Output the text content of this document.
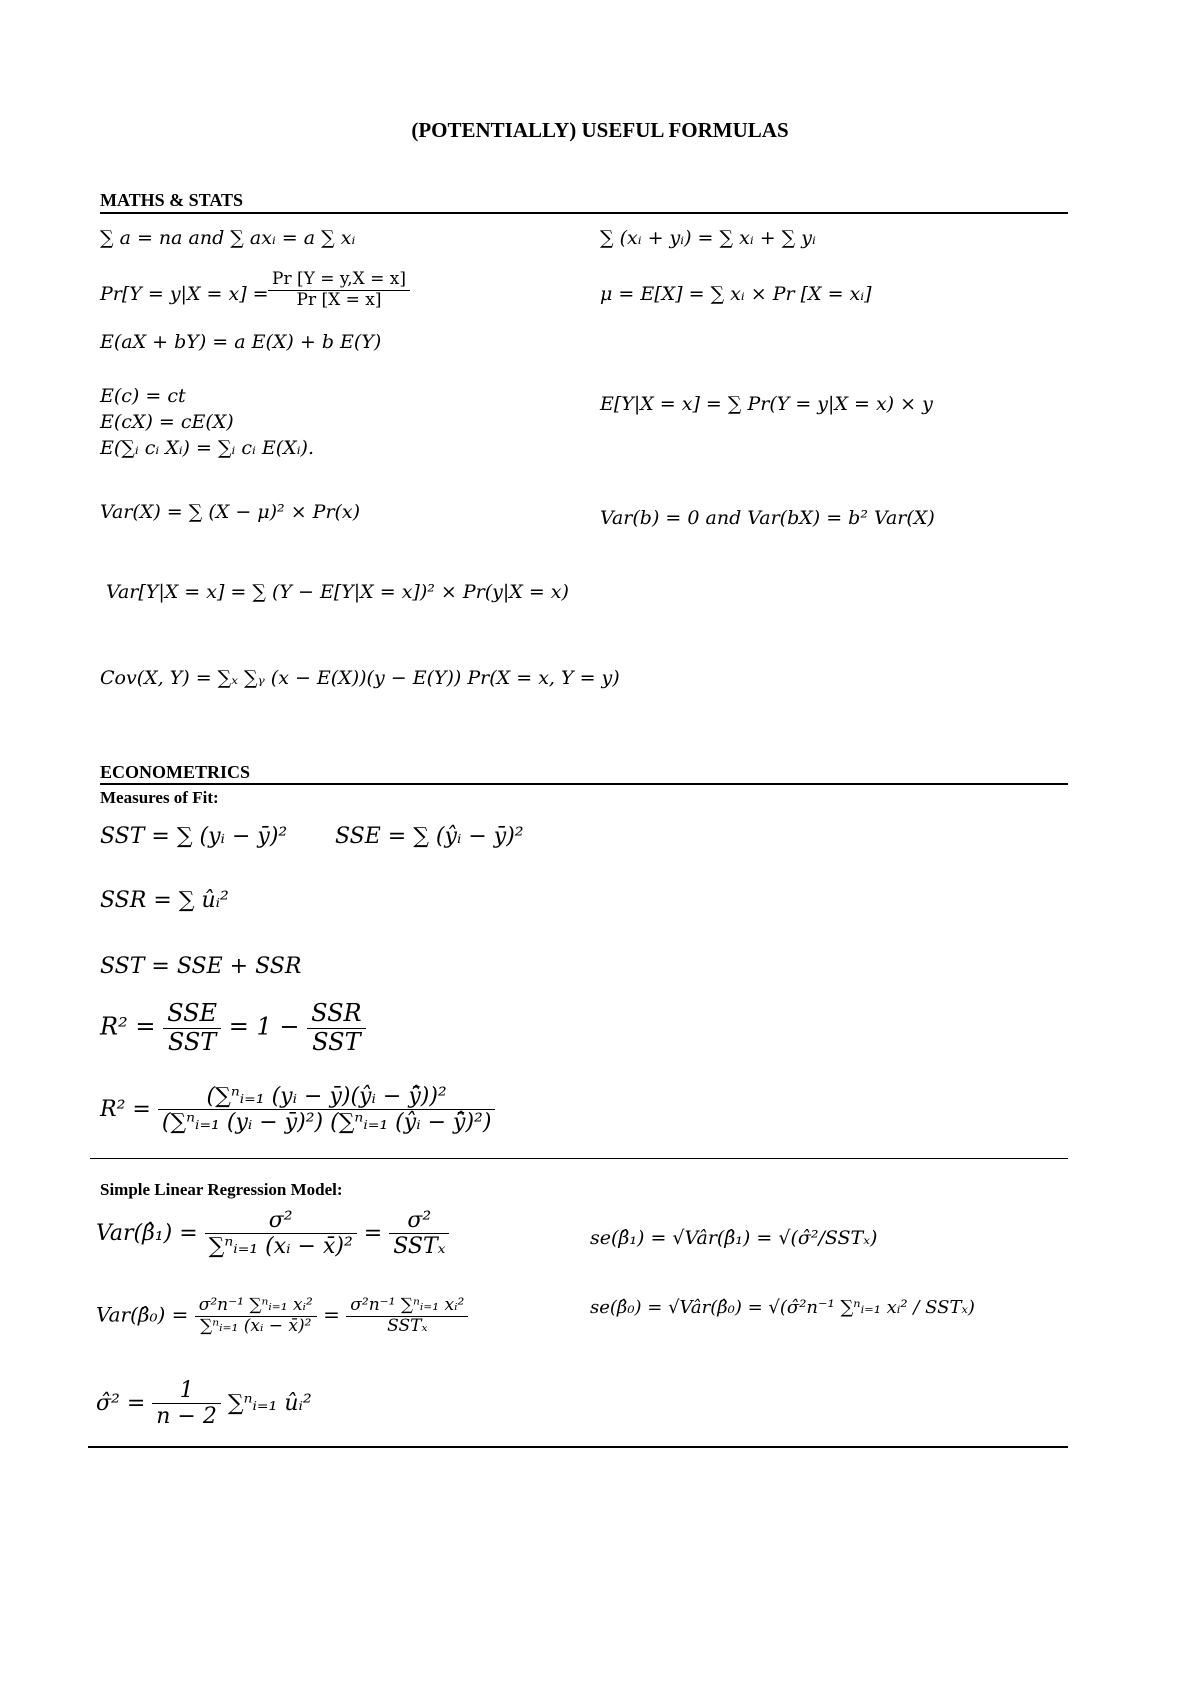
(POTENTIALLY) USEFUL FORMULAS
MATHS & STATS
∑ a = na and ∑ axᵢ = a ∑ xᵢ	∑ (xᵢ + yᵢ) = ∑ xᵢ + ∑ yᵢ
$Pr[Y = y|X = x] = \frac{Pr [Y = y,X = x]}{Pr [X = x]}$	μ = E[X] = ∑ xᵢ × Pr [X = xᵢ]
E(aX + bY) = a E(X) + b E(Y)
E(c) = ct
E(cX) = cE(X)
E(∑ᵢ cᵢ Xᵢ) = ∑ᵢ cᵢ E(Xᵢ).
E[Y|X = x] = ∑ Pr(Y = y|X = x) × y
Var(X) = ∑ (X − μ)² × Pr(x)	Var(b) = 0 and Var(bX) = b² Var(X)
Var[Y|X = x] = ∑ (Y − E[Y|X = x])² × Pr(y|X = x)
Cov(X, Y) = ∑ₓ ∑ᵧ (x − E(X))(y − E(Y)) Pr(X = x, Y = y)
ECONOMETRICS
Measures of Fit:
SST = ∑ (yᵢ − ȳ)² SSE = ∑ (ŷᵢ − ȳ)²
SSR = ∑ ûᵢ²
SST = SSE + SSR
$R^2 = \frac{\text{SSE}}{\text{SST}} = 1 - \frac{\text{SSR}}{\text{SST}}$
$R^2 = \frac{\text{(∑ⁿᵢ₌₁ (yᵢ − ȳ)(ŷᵢ − ȳ̂))²}}{\text{(∑ⁿᵢ₌₁ (yᵢ − ȳ)²) (∑ⁿᵢ₌₁ (ŷᵢ − ȳ̂)²)}}$
Simple Linear Regression Model:
Var(β̂₁) = $\frac{\text{σ²}}{\text{∑ⁿᵢ₌₁ (xᵢ − x̄)²}} = \frac{\text{σ²}}{\text{SSTₓ}}$	se(β̂₁) = √Vâr(β̂₁) = √(σ̂²/SSTₓ)
Var(β̂₀) = $\frac{\text{σ²n⁻¹ ∑ⁿᵢ₌₁ xᵢ²}}{\text{∑ⁿᵢ₌₁ (xᵢ − x̄)²}} = \frac{\text{σ²n⁻¹ ∑ⁿᵢ₌₁ xᵢ²}}{\text{SSTₓ}}$	se(β̂₀) = √Vâr(β̂₀) = √(σ̂²n⁻¹ ∑ⁿᵢ₌₁ xᵢ² / SSTₓ)
σ̂² = $\frac{1}{n - 2}$ ∑ⁿᵢ₌₁ ûᵢ²
